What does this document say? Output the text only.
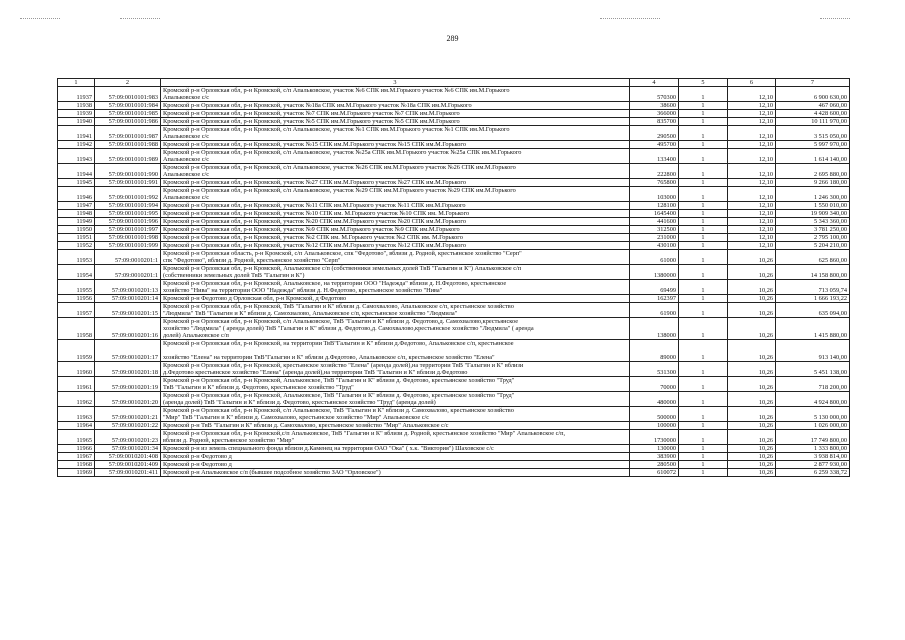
289
1	2	3	4	5	6	7
11937	57:09:0010101:983	Кромской р-н Орловская обл, р-н Кромской, с/п Апальковское, участок №6 СПК им.М.Горького участок №6 СПК им.М.Горького
Апальковское с/с	570300	1	12,10	6 900 630,00
11938	57:09:0010101:984	Кромской р-н Орловская обл, р-н Кромской, участок №18а СПК им.М.Горького участок №18а СПК им.М.Горького	38600	1	12,10	467 060,00
11939	57:09:0010101:985	Кромской р-н Орловская обл, р-н Кромской, участок №7 СПК им.М.Горького участок №7 СПК им.М.Горького	366000	1	12,10	4 428 600,00
11940	57:09:0010101:986	Кромской р-н Орловская обл, р-н Кромской, участок №5 СПК им.М.Горького участок №5 СПК им.М.Горького	835700	1	12,10	10 111 970,00
11941	57:09:0010101:987	Кромской р-н Орловская обл, р-н Кромской, с/п Апальковское, участок №1 СПК им.М.Горького участок №1 СПК им.М.Горького
Апальковское с/с	290500	1	12,10	3 515 050,00
11942	57:09:0010101:988	Кромской р-н Орловская обл, р-н Кромской, участок №15 СПК им.М.Горького участок №15 СПК им.М.Горького	495700	1	12,10	5 997 970,00
11943	57:09:0010101:989	Кромской р-н Орловская обл, р-н Кромской, с/п Апальковское, участок №25а СПК им.М.Горького участок №25а СПК им.М.Горького
Апальковское с/с	133400	1	12,10	1 614 140,00
11944	57:09:0010101:990	Кромской р-н Орловская обл, р-н Кромской, с/п Апальковское, участок №26 СПК им.М.Горького участок №26 СПК им.М.Горького
Апальковское с/с	222800	1	12,10	2 695 880,00
11945	57:09:0010101:991	Кромской р-н Орловская обл, р-н Кромской, участок №27 СПК им.М.Горького участок №27 СПК им.М.Горького	765800	1	12,10	9 266 180,00
11946	57:09:0010101:992	Кромской р-н Орловская обл, р-н Кромской, с/п Апальковское, участок №29 СПК им.М.Горького участок №29 СПК им.М.Горького
Апальковское с/с	103000	1	12,10	1 246 300,00
11947	57:09:0010101:994	Кромской р-н Орловская обл, р-н Кромской, участок №11 СПК им.М.Горького участок №11 СПК им.М.Горького	128100	1	12,10	1 550 010,00
11948	57:09:0010101:995	Кромской р-н Орловская обл, р-н Кромской, участок №10 СПК им. М.Горького участок №10 СПК им. М.Горького	1645400	1	12,10	19 909 340,00
11949	57:09:0010101:996	Кромской р-н Орловская обл, р-н Кромской, участок №20 СПК им.М.Горького участок №20 СПК им.М.Горького	441600	1	12,10	5 343 360,00
11950	57:09:0010101:997	Кромской р-н Орловская обл, р-н Кромской, участок №9 СПК им.М.Горького участок №9 СПК им.М.Горького	312500	1	12,10	3 781 250,00
11951	57:09:0010101:998	Кромской р-н Орловская обл, р-н Кромской, участок №2 СПК им. М.Горького участок №2 СПК им. М.Горького	231000	1	12,10	2 795 100,00
11952	57:09:0010101:999	Кромской р-н Орловская обл, р-н Кромской, участок №12 СПК им.М.Горького участок №12 СПК им.М.Горького	430100	1	12,10	5 204 210,00
11953	57:09:0010201:1	Кромской р-н Орловская область, р-н Кромской, с/п Апальковское, спк "Федотово", вблизи д. Родной, крестьянское хозяйство "Серп"
спк "Федотово", вблизи д. Родной, крестьянское хозяйство "Серп"	61000	1	10,26	625 860,00
11954	57:09:0010201:1	Кромской р-н Орловская обл, р-н Кромской, Апальковское с/п (собственники земельных долей ТвВ "Галыгин и К") Апальковское с/п
(собственники земельных долей ТвВ "Галыгин и К")	1380000	1	10,26	14 158 800,00
11955	57:09:0010201:13	Кромской р-н Орловская обл, р-н Кромской, Апальковское, на территории ООО "Надежда" вблизи д. Н.Федотово, крестьянское
хозяйство "Нива" на территории ООО "Надежда" вблизи д. Н.Федотово, крестьянское хозяйство "Нива"	69499	1	10,26	713 059,74
11956	57:09:0010201:14	Кромской р-н Федотово д Орловская обл, р-н Кромской, д Федотово	162397	1	10,26	1 666 193,22
11957	57:09:0010201:15	Кромской р-н Орловская обл, р-н Кромской, ТвВ "Галыгин и К" вблизи д. Самохвалово, Апальковское с/п, крестьянское хозяйство
"Людмила" ТвВ "Галыгин и К" вблизи д. Самохвалово, Апальковское с/п, крестьянское хозяйство "Людмила"	61900	1	10,26	635 094,00
11958	57:09:0010201:16	Кромской р-н Орловская обл, р-н Кромской, с/п Апальковское, ТвВ "Галыгин и К" вблизи д. Федотово,д. Самохвалово,крестьянское
хозяйство "Людмила" ( аренда долей) ТвВ "Галыгин и К" вблизи д. Федотово,д. Самохвалово,крестьянское хозяйство "Людмила" ( аренда
долей) Апальковское с/п	138000	1	10,26	1 415 880,00
11959	57:09:0010201:17	Кромской р-н Орловская обл, р-н Кромской, на территории ТвВ"Галыгин и К" вблизи д.Федотово, Апальковское с/п, крестьянское
хозяйство "Елена" на территории ТвВ"Галыгин и К" вблизи д.Федотово, Апальковское с/п, крестьянское хозяйство "Елена"	89000	1	10,26	913 140,00
11960	57:09:0010201:18	Кромской р-н Орловская обл, р-н Кромской, крестьянское хозяйство "Елена" (аренда долей),на территории ТвВ "Галыгин и К" вблизи
д.Федотово крестьянское хозяйство "Елена" (аренда долей),на территории ТвВ "Галыгин и К" вблизи д.Федотово	531300	1	10,26	5 451 138,00
11961	57:09:0010201:19	Кромской р-н Орловская обл, р-н Кромской, Апальковское, ТвВ "Галыгин и К" вблизи д. Федотово, крестьянское хозяйство "Труд"
ТвВ "Галыгин и К" вблизи д. Федотово, крестьянское хозяйство "Труд"	70000	1	10,26	718 200,00
11962	57:09:0010201:20	Кромской р-н Орловская обл, р-н Кромской, Апальковское, ТвВ "Галыгин и К" вблизи д. Федотово, крестьянское хозяйство "Труд"
(аренда долей) ТвВ "Галыгин и К" вблизи д. Федотово, крестьянское хозяйство "Труд" (аренда долей)	480000	1	10,26	4 924 800,00
11963	57:09:0010201:21	Кромской р-н Орловская обл, р-н Кромской, с/п Апальковское, ТвВ "Галыгин и К" вблизи д. Самохвалово, крестьянское хозяйство
"Мир" ТвВ "Галыгин и К" вблизи д. Самохвалово, крестьянское хозяйство "Мир" Апальковское с/с	500000	1	10,26	5 130 000,00
11964	57:09:0010201:22	Кромской р-н ТвВ "Галыгин и К" вблизи д. Самохвалово, крестьянское хозяйство "Мир" Апальковское с/с	100000	1	10,26	1 026 000,00
11965	57:09:0010201:23	Кромской р-н Орловская обл, р-н Кромской,с/п Апальковское, ТвВ "Галыгин и К" вблизи д. Родной, крестьянское хозяйство "Мир" Апальковское с/п,
вблизи д. Родной, крестьянское хозяйство "Мир"	1730000	1	10,26	17 749 800,00
11966	57:09:0010201:34	Кромской р-н из земель специального фонда вблизи д.Каменец на территории ОАО "Ока" ( х.к. "Виктория") Шаховское с/с	130000	1	10,26	1 333 800,00
11967	57:09:0010201:408	Кромской р-н Федотово д	383900	1	10,26	3 938 814,00
11968	57:09:0010201:409	Кромской р-н Федотово д	280500	1	10,26	2 877 930,00
11969	57:09:0010201:411	Кромской р-н Апальковское с/п (бывшее подсобное хозяйство ЗАО "Орловское")	610072	1	10,26	6 259 338,72
